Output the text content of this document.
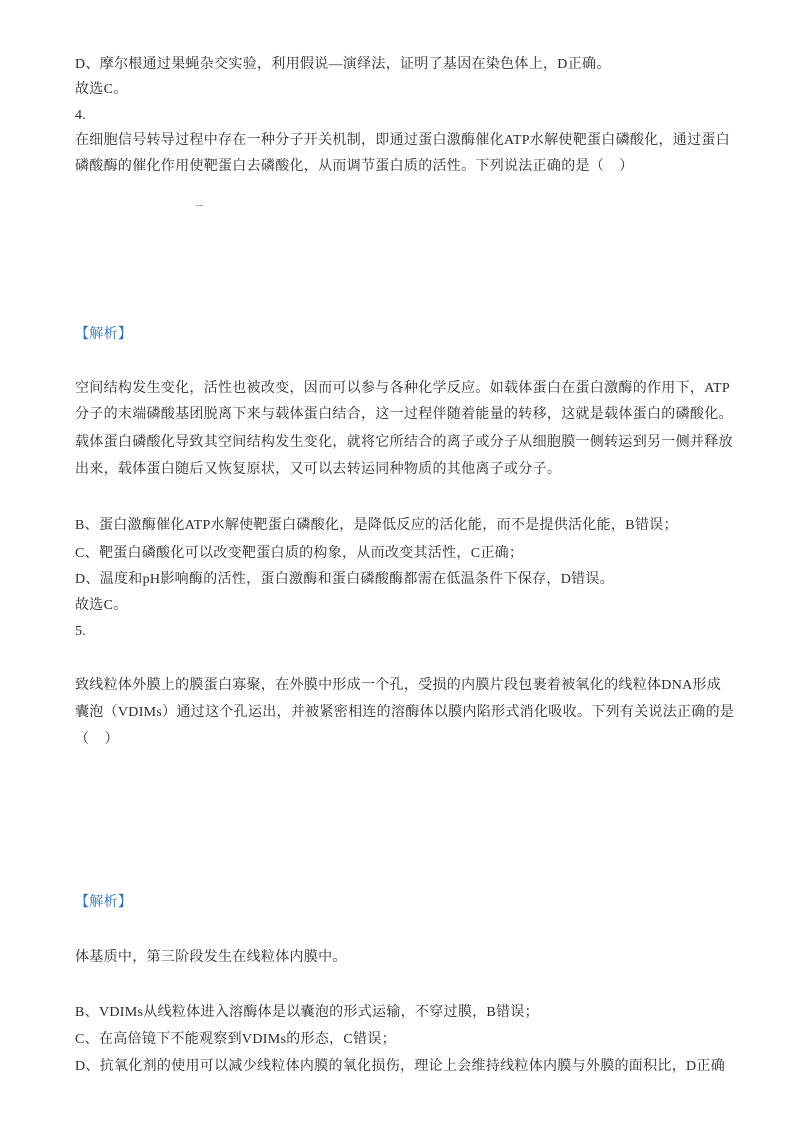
D、摩尔根通过果蝇杂交实验，利用假说—演绎法，证明了基因在染色体上，D正确。
故选C。
4.
在细胞信号转导过程中存在一种分子开关机制，即通过蛋白激酶催化ATP水解使靶蛋白磷酸化，通过蛋白
磷酸酶的催化作用使靶蛋白去磷酸化，从而调节蛋白质的活性。下列说法正确的是（    ）

【解析】

空间结构发生变化，活性也被改变，因而可以参与各种化学反应。如载体蛋白在蛋白激酶的作用下，ATP
分子的末端磷酸基团脱离下来与载体蛋白结合，这一过程伴随着能量的转移，这就是载体蛋白的磷酸化。
载体蛋白磷酸化导致其空间结构发生变化，就将它所结合的离子或分子从细胞膜一侧转运到另一侧并释放
出来，载体蛋白随后又恢复原状，又可以去转运同种物质的其他离子或分子。

B、蛋白激酶催化ATP水解使靶蛋白磷酸化，是降低反应的活化能，而不是提供活化能，B错误；
C、靶蛋白磷酸化可以改变靶蛋白质的构象，从而改变其活性，C正确；
D、温度和pH影响酶的活性，蛋白激酶和蛋白磷酸酶都需在低温条件下保存，D错误。
故选C。
5.

致线粒体外膜上的膜蛋白寡聚，在外膜中形成一个孔，受损的内膜片段包裹着被氧化的线粒体DNA形成
囊泡（VDIMs）通过这个孔运出，并被紧密相连的溶酶体以膜内陷形式消化吸收。下列有关说法正确的是
（    ）

【解析】

体基质中，第三阶段发生在线粒体内膜中。

B、VDIMs从线粒体进入溶酶体是以囊泡的形式运输，不穿过膜，B错误；
C、在高倍镜下不能观察到VDIMs的形态，C错误；
D、抗氧化剂的使用可以减少线粒体内膜的氧化损伤，理论上会维持线粒体内膜与外膜的面积比，D正确
